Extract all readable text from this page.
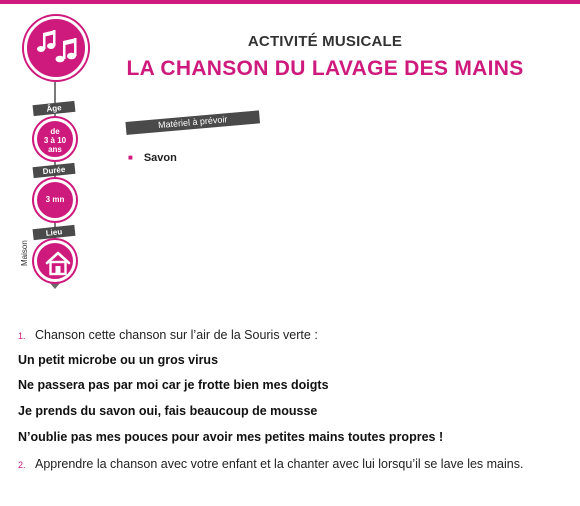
Âge
de
3 à 10
ans
Durée
3 mn
Lieu
Maison
ACTIVITÉ MUSICALE
LA CHANSON DU LAVAGE DES MAINS
Matériel à prévoir
■ Savon
1. Chanson cette chanson sur l’air de la Souris verte :
Un petit microbe ou un gros virus
Ne passera pas par moi car je frotte bien mes doigts
Je prends du savon oui, fais beaucoup de mousse
N’oublie pas mes pouces pour avoir mes petites mains toutes propres !
2. Apprendre la chanson avec votre enfant et la chanter avec lui lorsqu’il se lave les mains.
